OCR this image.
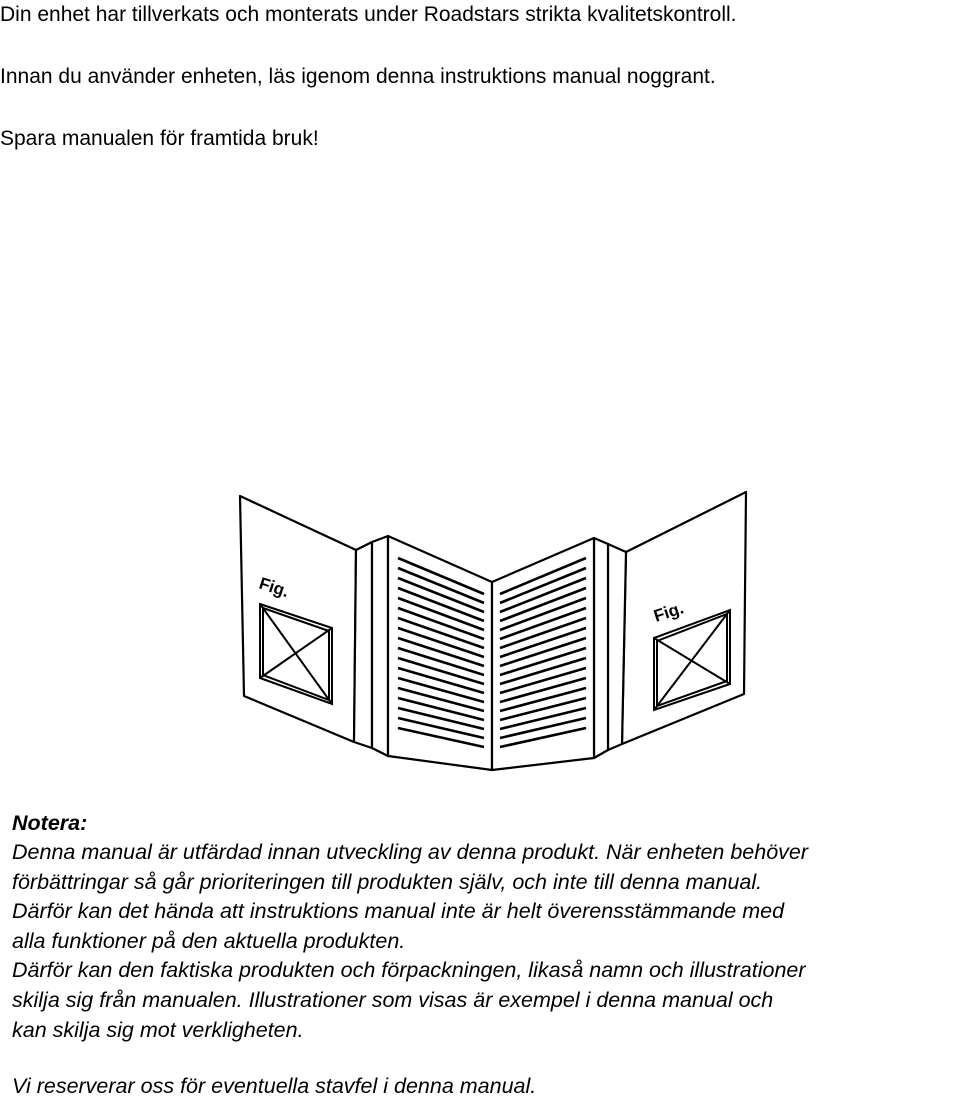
Din enhet har tillverkats och monterats under Roadstars strikta kvalitetskontroll.

Innan du använder enheten, läs igenom denna instruktions manual noggrant.

Spara manualen för framtida bruk!

Fig.
Fig.

Notera:

Denna manual är utfärdad innan utveckling av denna produkt. När enheten behöver
förbättringar så går prioriteringen till produkten själv, och inte till denna manual.
Därför kan det hända att instruktions manual inte är helt överensstämmande med
alla funktioner på den aktuella produkten.
Därför kan den faktiska produkten och förpackningen, likaså namn och illustrationer
skilja sig från manualen. Illustrationer som visas är exempel i denna manual och
kan skilja sig mot verkligheten.

Vi reserverar oss för eventuella stavfel i denna manual.
